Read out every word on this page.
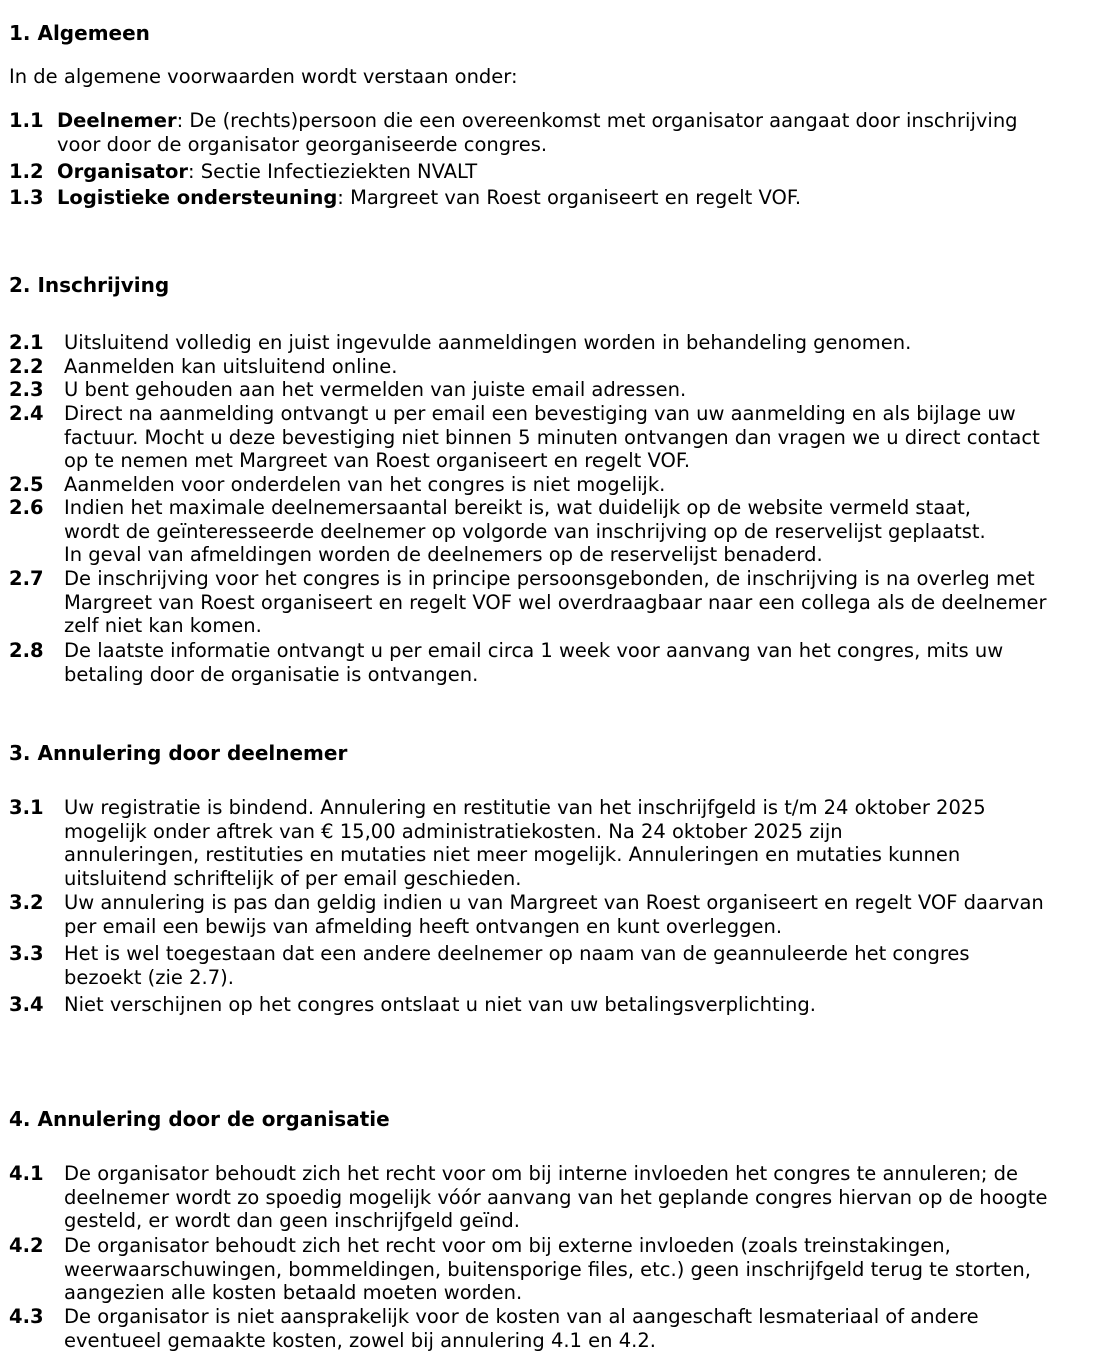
1. Algemeen
In de algemene voorwaarden wordt verstaan onder:
1.1 Deelnemer: De (rechts)persoon die een overeenkomst met organisator aangaat door inschrijving
voor door de organisator georganiseerde congres.
1.2 Organisator: Sectie Infectieziekten NVALT
1.3 Logistieke ondersteuning: Margreet van Roest organiseert en regelt VOF.
2. Inschrijving
2.1 Uitsluitend volledig en juist ingevulde aanmeldingen worden in behandeling genomen.
2.2 Aanmelden kan uitsluitend online.
2.3 U bent gehouden aan het vermelden van juiste email adressen.
2.4 Direct na aanmelding ontvangt u per email een bevestiging van uw aanmelding en als bijlage uw
factuur. Mocht u deze bevestiging niet binnen 5 minuten ontvangen dan vragen we u direct contact
op te nemen met Margreet van Roest organiseert en regelt VOF.
2.5 Aanmelden voor onderdelen van het congres is niet mogelijk.
2.6 Indien het maximale deelnemersaantal bereikt is, wat duidelijk op de website vermeld staat,
wordt de geïnteresseerde deelnemer op volgorde van inschrijving op de reservelijst geplaatst.
In geval van afmeldingen worden de deelnemers op de reservelijst benaderd.
2.7 De inschrijving voor het congres is in principe persoonsgebonden, de inschrijving is na overleg met
Margreet van Roest organiseert en regelt VOF wel overdraagbaar naar een collega als de deelnemer
zelf niet kan komen.
2.8 De laatste informatie ontvangt u per email circa 1 week voor aanvang van het congres, mits uw
betaling door de organisatie is ontvangen.
3. Annulering door deelnemer
3.1 Uw registratie is bindend. Annulering en restitutie van het inschrijfgeld is t/m 24 oktober 2025
mogelijk onder aftrek van € 15,00 administratiekosten. Na 24 oktober 2025 zijn
annuleringen, restituties en mutaties niet meer mogelijk. Annuleringen en mutaties kunnen
uitsluitend schriftelijk of per email geschieden.
3.2 Uw annulering is pas dan geldig indien u van Margreet van Roest organiseert en regelt VOF daarvan
per email een bewijs van afmelding heeft ontvangen en kunt overleggen.
3.3 Het is wel toegestaan dat een andere deelnemer op naam van de geannuleerde het congres
bezoekt (zie 2.7).
3.4 Niet verschijnen op het congres ontslaat u niet van uw betalingsverplichting.
4. Annulering door de organisatie
4.1 De organisator behoudt zich het recht voor om bij interne invloeden het congres te annuleren; de
deelnemer wordt zo spoedig mogelijk vóór aanvang van het geplande congres hiervan op de hoogte
gesteld, er wordt dan geen inschrijfgeld geïnd.
4.2 De organisator behoudt zich het recht voor om bij externe invloeden (zoals treinstakingen,
weerwaarschuwingen, bommeldingen, buitensporige files, etc.) geen inschrijfgeld terug te storten,
aangezien alle kosten betaald moeten worden.
4.3 De organisator is niet aansprakelijk voor de kosten van al aangeschaft lesmateriaal of andere
eventueel gemaakte kosten, zowel bij annulering 4.1 en 4.2.
